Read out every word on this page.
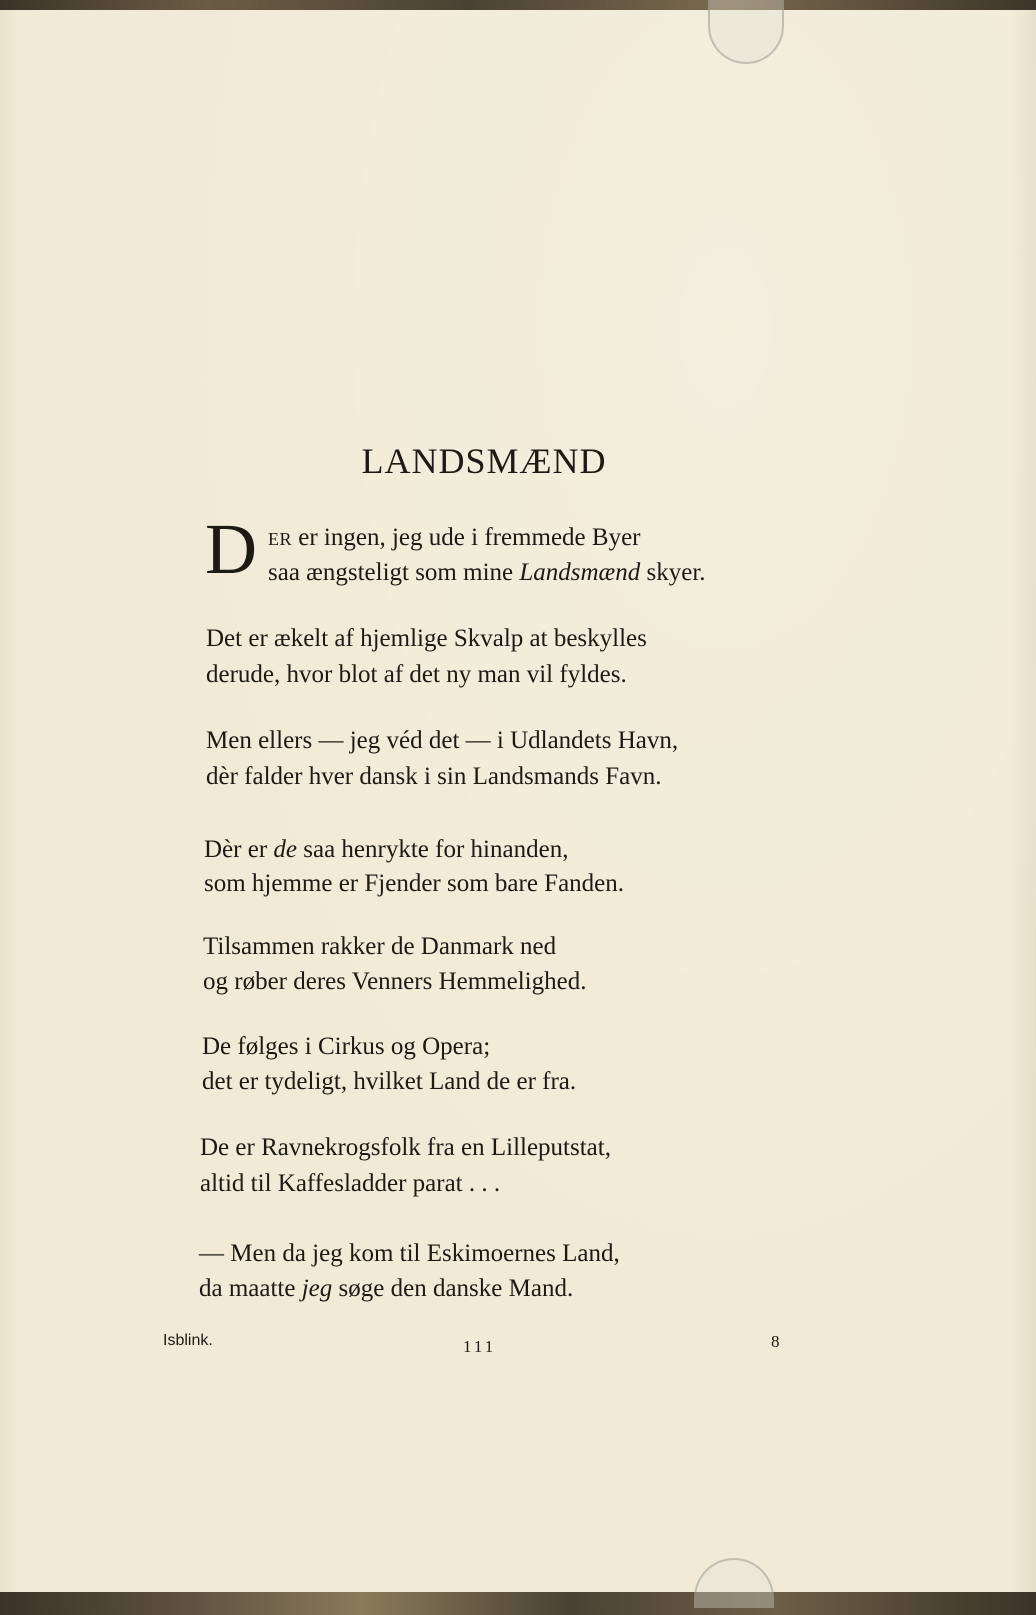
LANDSMÆND
D ER er ingen, jeg ude i fremmede Byer
saa ængsteligt som mine Landsmænd skyer.
Det er ækelt af hjemlige Skvalp at beskylles
derude, hvor blot af det ny man vil fyldes.
Men ellers — jeg véd det — i Udlandets Havn,
dèr falder hver dansk i sin Landsmands Favn.
Dèr er de saa henrykte for hinanden,
som hjemme er Fjender som bare Fanden.
Tilsammen rakker de Danmark ned
og røber deres Venners Hemmelighed.
De følges i Cirkus og Opera;
det er tydeligt, hvilket Land de er fra.
De er Ravnekrogsfolk fra en Lilleputstat,
altid til Kaffesladder parat . . .
— Men da jeg kom til Eskimoernes Land,
da maatte jeg søge den danske Mand.
Isblink.	111	8
